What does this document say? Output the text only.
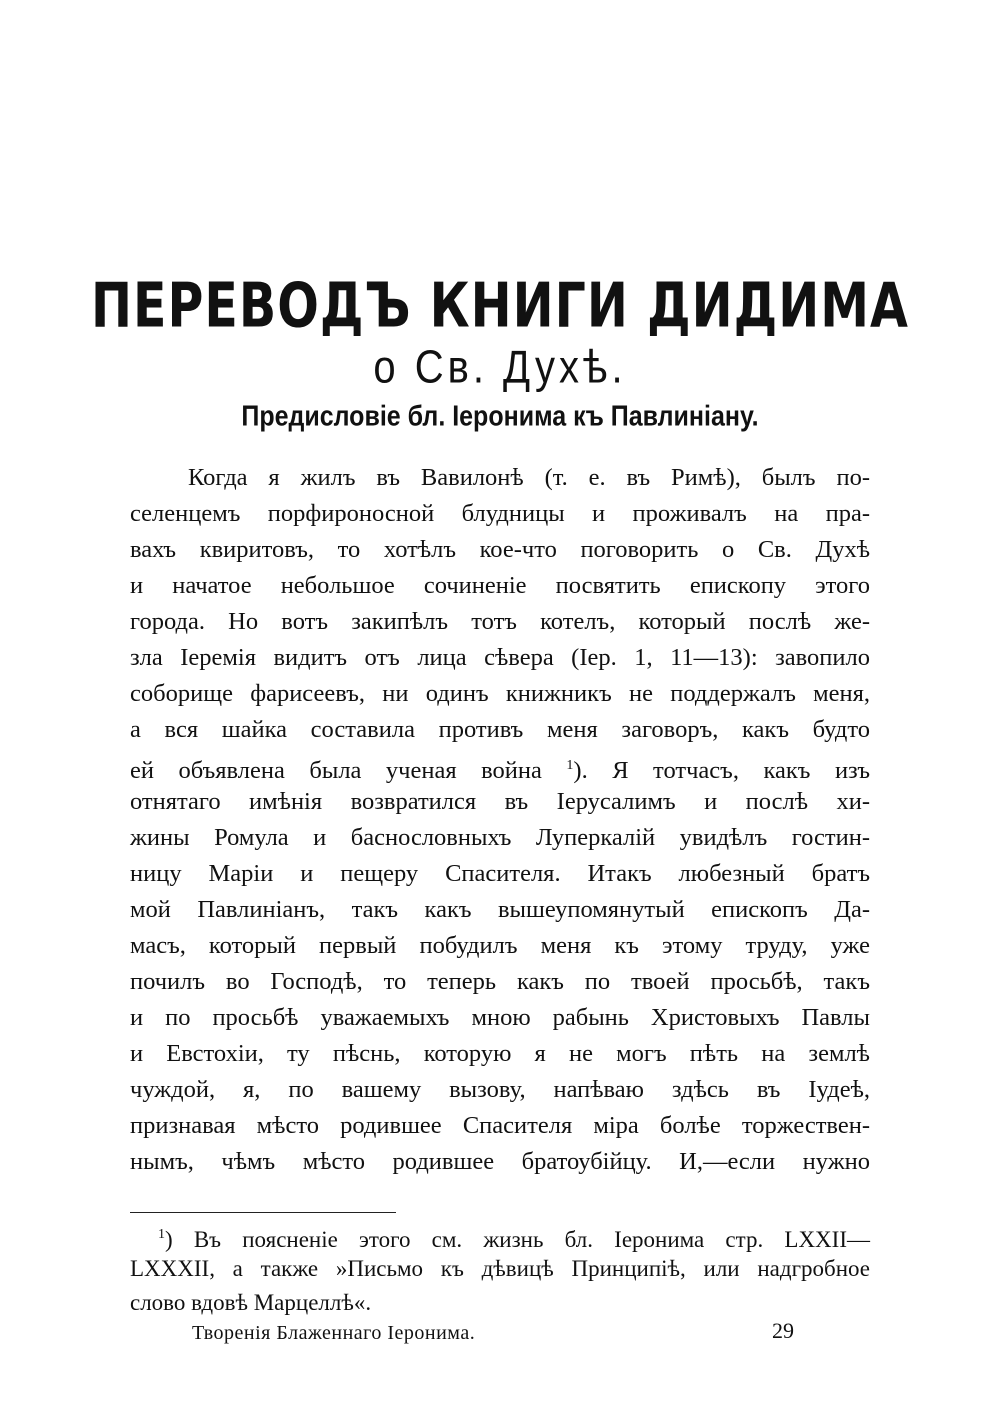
ПЕРЕВОДЪ КНИГИ ДИДИМА
о Св. Духѣ.
Предисловіе бл. Іеронима къ Павлиніану.
Когда я жилъ въ Вавилонѣ (т. е. въ Римѣ), былъ по-
селенцемъ порфироносной блудницы и проживалъ на пра-
вахъ квиритовъ, то хотѣлъ кое-что поговорить о Св. Духѣ
и начатое небольшое сочиненіе посвятить епископу этого
города. Но вотъ закипѣлъ тотъ котелъ, который послѣ же-
зла Іеремія видитъ отъ лица сѣвера (Іер. 1, 11—13): завопило
соборище фарисеевъ, ни одинъ книжникъ не поддержалъ меня,
а вся шайка составила противъ меня заговоръ, какъ будто
ей объявлена была ученая война $^1$). Я тотчасъ, какъ изъ
отнятаго имѣнія возвратился въ Іерусалимъ и послѣ хи-
жины Ромула и баснословныхъ Луперкалій увидѣлъ гостин-
ницу Маріи и пещеру Спасителя. Итакъ любезный братъ
мой Павлиніанъ, такъ какъ вышеупомянутый епископъ Да-
масъ, который первый побудилъ меня къ этому труду, уже
почилъ во Господѣ, то теперь какъ по твоей просьбѣ, такъ
и по просьбѣ уважаемыхъ мною рабынь Христовыхъ Павлы
и Евстохіи, ту пѣснь, которую я не могъ пѣть на землѣ
чуждой, я, по вашему вызову, напѣваю здѣсь въ Іудеѣ,
признавая мѣсто родившее Спасителя міра болѣе торжествен-
нымъ, чѣмъ мѣсто родившее братоубійцу. И,—если нужно
$^1$) Въ поясненіе этого см. жизнь бл. Іеронима стр. LXXII—
LXXXII, а также »Письмо къ дѣвицѣ Принципіѣ, или надгробное
слово вдовѣ Марцеллѣ«.
Творенія Блаженнаго Іеронима.	29
